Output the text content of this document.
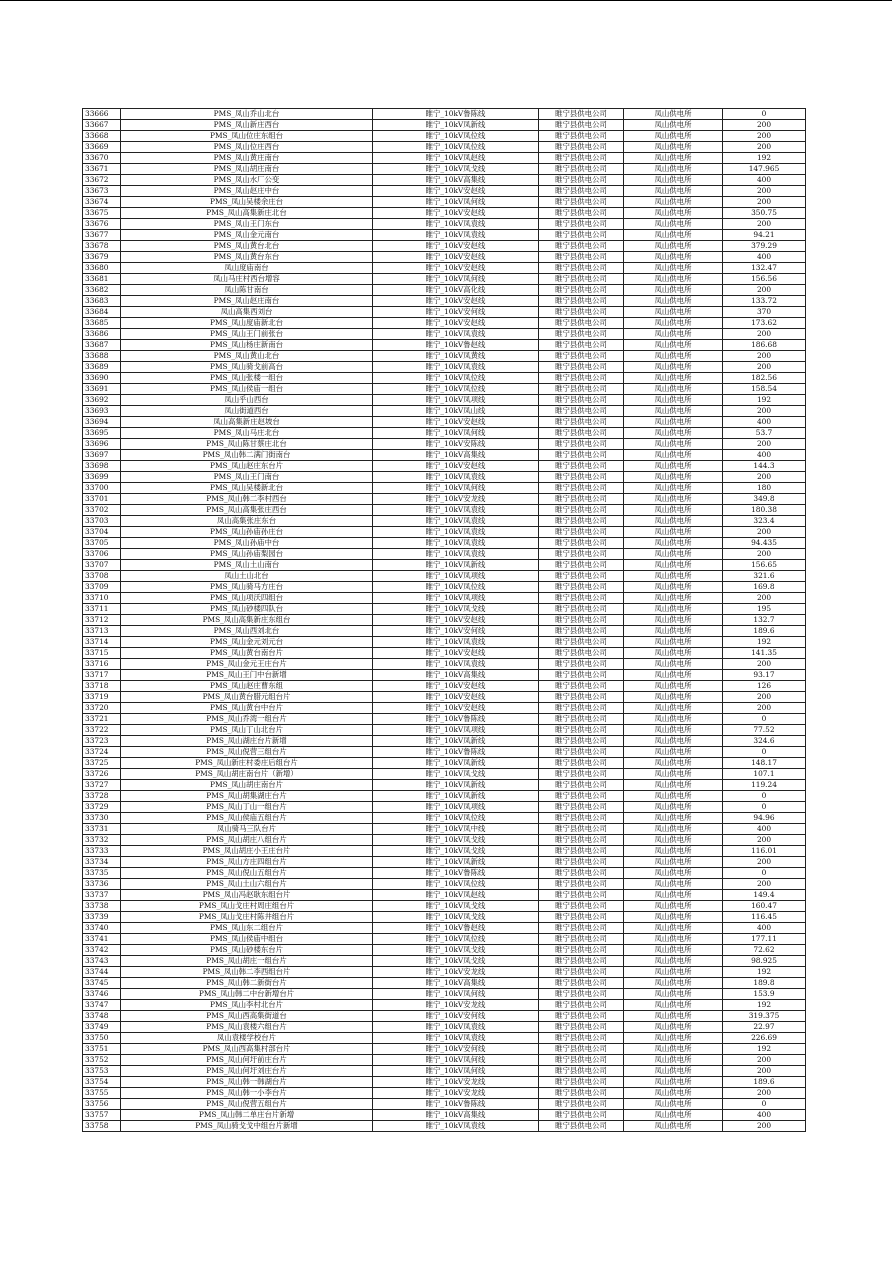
33666	PMS_凤山乔山北台	睢宁_10kV鲁陈线	睢宁县供电公司	凤山供电所	0
33667	PMS_凤山新庄西台	睢宁_10kV凤新线	睢宁县供电公司	凤山供电所	200
33668	PMS_凤山位庄东组台	睢宁_10kV凤位线	睢宁县供电公司	凤山供电所	200
33669	PMS_凤山位庄西台	睢宁_10kV凤位线	睢宁县供电公司	凤山供电所	200
33670	PMS_凤山黄庄南台	睢宁_10kV凤赵线	睢宁县供电公司	凤山供电所	192
33671	PMS_凤山胡庄南台	睢宁_10kV凤戈线	睢宁县供电公司	凤山供电所	147.965
33672	PMS_凤山水厂公变	睢宁_10kV高集线	睢宁县供电公司	凤山供电所	400
33673	PMS_凤山赵庄中台	睢宁_10kV安赵线	睢宁县供电公司	凤山供电所	200
33674	PMS_凤山吴楼余庄台	睢宁_10kV凤何线	睢宁县供电公司	凤山供电所	200
33675	PMS_凤山高集新庄北台	睢宁_10kV安赵线	睢宁县供电公司	凤山供电所	350.75
33676	PMS_凤山王门东台	睢宁_10kV凤袁线	睢宁县供电公司	凤山供电所	200
33677	PMS_凤山金元南台	睢宁_10kV凤袁线	睢宁县供电公司	凤山供电所	94.21
33678	PMS_凤山黄台北台	睢宁_10kV安赵线	睢宁县供电公司	凤山供电所	379.29
33679	PMS_凤山黄台东台	睢宁_10kV安赵线	睢宁县供电公司	凤山供电所	400
33680	凤山度庙南台	睢宁_10kV安赵线	睢宁县供电公司	凤山供电所	132.47
33681	凤山马庄村西台增容	睢宁_10kV凤何线	睢宁县供电公司	凤山供电所	156.56
33682	凤山陈甘南台	睢宁_10kV高化线	睢宁县供电公司	凤山供电所	200
33683	PMS_凤山赵庄南台	睢宁_10kV安赵线	睢宁县供电公司	凤山供电所	133.72
33684	凤山高集西刘台	睢宁_10kV安何线	睢宁县供电公司	凤山供电所	370
33685	PMS_凤山度庙新北台	睢宁_10kV安赵线	睢宁县供电公司	凤山供电所	173.62
33686	PMS_凤山王门前张台	睢宁_10kV凤袁线	睢宁县供电公司	凤山供电所	200
33687	PMS_凤山杨庄新南台	睢宁_10kV鲁赵线	睢宁县供电公司	凤山供电所	186.68
33688	PMS_凤山黄山北台	睢宁_10kV凤黄线	睢宁县供电公司	凤山供电所	200
33689	PMS_凤山骑戈前高台	睢宁_10kV凤袁线	睢宁县供电公司	凤山供电所	200
33690	PMS_凤山张楼一组台	睢宁_10kV凤位线	睢宁县供电公司	凤山供电所	182.56
33691	PMS_凤山侯庙一组台	睢宁_10kV凤位线	睢宁县供电公司	凤山供电所	158.54
33692	凤山乎山西台	睢宁_10kV凤项线	睢宁县供电公司	凤山供电所	192
33693	凤山街道西台	睢宁_10kV凤山线	睢宁县供电公司	凤山供电所	200
33694	凤山高集新庄赵坡台	睢宁_10kV安赵线	睢宁县供电公司	凤山供电所	400
33695	PMS_凤山马庄北台	睢宁_10kV凤何线	睢宁县供电公司	凤山供电所	53.7
33696	PMS_凤山陈甘蔡庄北台	睢宁_10kV安陈线	睢宁县供电公司	凤山供电所	200
33697	PMS_凤山韩二满门街南台	睢宁_10kV高集线	睢宁县供电公司	凤山供电所	400
33698	PMS_凤山赵庄东台片	睢宁_10kV安赵线	睢宁县供电公司	凤山供电所	144.3
33699	PMS_凤山王门南台	睢宁_10kV凤袁线	睢宁县供电公司	凤山供电所	200
33700	PMS_凤山吴楼新北台	睢宁_10kV凤何线	睢宁县供电公司	凤山供电所	180
33701	PMS_凤山韩二李村西台	睢宁_10kV安龙线	睢宁县供电公司	凤山供电所	349.8
33702	PMS_凤山高集张庄西台	睢宁_10kV凤袁线	睢宁县供电公司	凤山供电所	180.38
33703	凤山高集张庄东台	睢宁_10kV凤袁线	睢宁县供电公司	凤山供电所	323.4
33704	PMS_凤山孙庙孙庄台	睢宁_10kV凤袁线	睢宁县供电公司	凤山供电所	200
33705	PMS_凤山孙庙中台	睢宁_10kV凤袁线	睢宁县供电公司	凤山供电所	94.435
33706	PMS_凤山孙庙梨园台	睢宁_10kV凤袁线	睢宁县供电公司	凤山供电所	200
33707	PMS_凤山土山南台	睢宁_10kV凤新线	睢宁县供电公司	凤山供电所	156.65
33708	凤山土山北台	睢宁_10kV凤项线	睢宁县供电公司	凤山供电所	321.6
33709	PMS_凤山骑马方庄台	睢宁_10kV凤位线	睢宁县供电公司	凤山供电所	169.8
33710	PMS_凤山项沃四组台	睢宁_10kV凤项线	睢宁县供电公司	凤山供电所	200
33711	PMS_凤山砂楼四队台	睢宁_10kV凤戈线	睢宁县供电公司	凤山供电所	195
33712	PMS_凤山高集新庄东组台	睢宁_10kV安赵线	睢宁县供电公司	凤山供电所	132.7
33713	PMS_凤山西刘北台	睢宁_10kV安何线	睢宁县供电公司	凤山供电所	189.6
33714	PMS_凤山金元刘元台	睢宁_10kV凤袁线	睢宁县供电公司	凤山供电所	192
33715	PMS_凤山黄台南台片	睢宁_10kV安赵线	睢宁县供电公司	凤山供电所	141.35
33716	PMS_凤山金元王庄台片	睢宁_10kV凤袁线	睢宁县供电公司	凤山供电所	200
33717	PMS_凤山王门中台新增	睢宁_10kV高集线	睢宁县供电公司	凤山供电所	93.17
33718	PMS_凤山赵庄曹东组	睢宁_10kV安赵线	睢宁县供电公司	凤山供电所	126
33719	PMS_凤山黄台腊元组台片	睢宁_10kV安赵线	睢宁县供电公司	凤山供电所	200
33720	PMS_凤山黄台中台片	睢宁_10kV安赵线	睢宁县供电公司	凤山供电所	200
33721	PMS_凤山乔湾一组台片	睢宁_10kV鲁陈线	睢宁县供电公司	凤山供电所	0
33722	PMS_凤山丁山北台片	睢宁_10kV凤项线	睢宁县供电公司	凤山供电所	77.52
33723	PMS_凤山湖庄台片新增	睢宁_10kV凤新线	睢宁县供电公司	凤山供电所	324.6
33724	PMS_凤山倪营三组台片	睢宁_10kV鲁陈线	睢宁县供电公司	凤山供电所	0
33725	PMS_凤山新庄村委庄后组台片	睢宁_10kV凤新线	睢宁县供电公司	凤山供电所	148.17
33726	PMS_凤山胡庄南台片（新增）	睢宁_10kV凤戈线	睢宁县供电公司	凤山供电所	107.1
33727	PMS_凤山胡庄南台片	睢宁_10kV凤新线	睢宁县供电公司	凤山供电所	119.24
33728	PMS_凤山胡集湖庄台片	睢宁_10kV凤新线	睢宁县供电公司	凤山供电所	0
33729	PMS_凤山丁山一组台片	睢宁_10kV凤项线	睢宁县供电公司	凤山供电所	0
33730	PMS_凤山侯庙五组台片	睢宁_10kV凤位线	睢宁县供电公司	凤山供电所	94.96
33731	凤山骑马三队台片	睢宁_10kV凤中线	睢宁县供电公司	凤山供电所	400
33732	PMS_凤山胡庄八组台片	睢宁_10kV凤戈线	睢宁县供电公司	凤山供电所	200
33733	PMS_凤山胡庄小王庄台片	睢宁_10kV凤戈线	睢宁县供电公司	凤山供电所	116.01
33734	PMS_凤山方庄四组台片	睢宁_10kV凤新线	睢宁县供电公司	凤山供电所	200
33735	PMS_凤山倪山五组台片	睢宁_10kV鲁陈线	睢宁县供电公司	凤山供电所	0
33736	PMS_凤山土山六组台片	睢宁_10kV凤位线	睢宁县供电公司	凤山供电所	200
33737	PMS_凤山冯赵耿东组台片	睢宁_10kV凤赵线	睢宁县供电公司	凤山供电所	149.4
33738	PMS_凤山戈庄村周庄组台片	睢宁_10kV凤戈线	睢宁县供电公司	凤山供电所	160.47
33739	PMS_凤山戈庄村陈井组台片	睢宁_10kV凤戈线	睢宁县供电公司	凤山供电所	116.45
33740	PMS_凤山东二组台片	睢宁_10kV鲁赵线	睢宁县供电公司	凤山供电所	400
33741	PMS_凤山侯庙中组台	睢宁_10kV凤位线	睢宁县供电公司	凤山供电所	177.11
33742	PMS_凤山砂楼东台片	睢宁_10kV凤戈线	睢宁县供电公司	凤山供电所	72.62
33743	PMS_凤山胡庄一组台片	睢宁_10kV凤戈线	睢宁县供电公司	凤山供电所	98.925
33744	PMS_凤山韩二李西组台片	睢宁_10kV安龙线	睢宁县供电公司	凤山供电所	192
33745	PMS_凤山韩二新街台片	睢宁_10kV高集线	睢宁县供电公司	凤山供电所	189.8
33746	PMS_凤山韩二中台新增台片	睢宁_10kV凤何线	睢宁县供电公司	凤山供电所	153.9
33747	PMS_凤山李村北台片	睢宁_10kV安龙线	睢宁县供电公司	凤山供电所	192
33748	PMS_凤山西高集街道台	睢宁_10kV安何线	睢宁县供电公司	凤山供电所	319.375
33749	PMS_凤山袁楼六组台片	睢宁_10kV凤袁线	睢宁县供电公司	凤山供电所	22.97
33750	凤山袁楼学校台片	睢宁_10kV凤袁线	睢宁县供电公司	凤山供电所	226.69
33751	PMS_凤山西高集村部台片	睢宁_10kV安何线	睢宁县供电公司	凤山供电所	192
33752	PMS_凤山何圩前庄台片	睢宁_10kV凤何线	睢宁县供电公司	凤山供电所	200
33753	PMS_凤山何圩刘庄台片	睢宁_10kV凤何线	睢宁县供电公司	凤山供电所	200
33754	PMS_凤山韩一韩湖台片	睢宁_10kV安龙线	睢宁县供电公司	凤山供电所	189.6
33755	PMS_凤山韩一小李台片	睢宁_10kV安龙线	睢宁县供电公司	凤山供电所	200
33756	PMS_凤山倪营五组台片	睢宁_10kV鲁陈线	睢宁县供电公司	凤山供电所	0
33757	PMS_凤山韩二单庄台片新增	睢宁_10kV高集线	睢宁县供电公司	凤山供电所	400
33758	PMS_凤山骑戈戈中组台片新增	睢宁_10kV凤袁线	睢宁县供电公司	凤山供电所	200
